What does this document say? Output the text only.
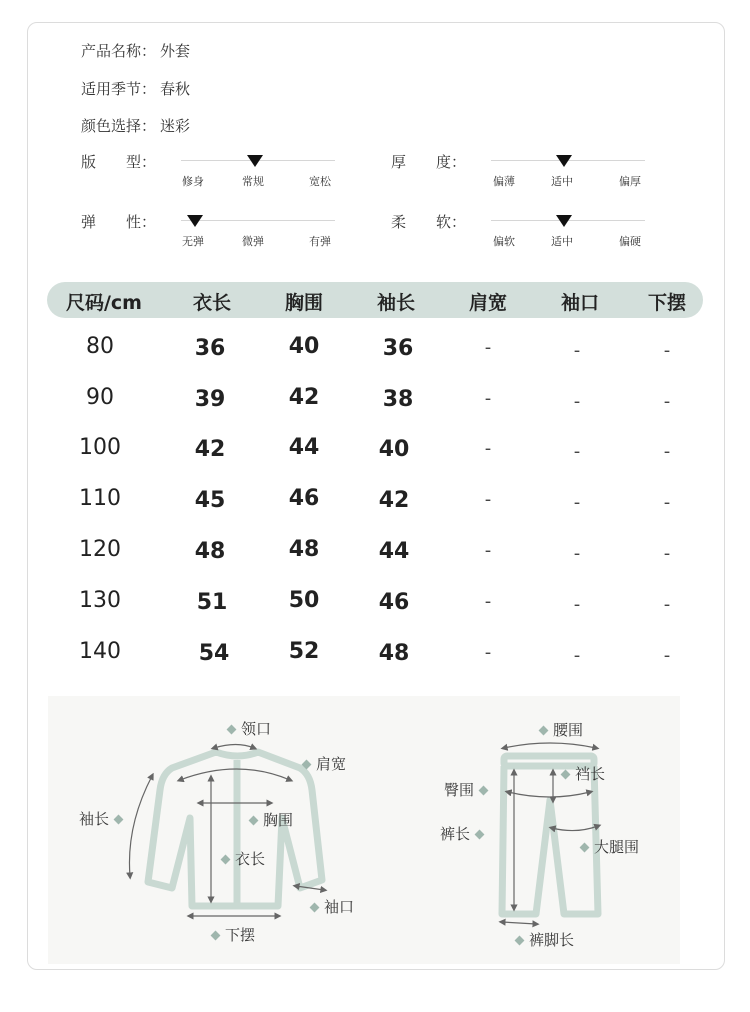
产品名称： 外套
适用季节： 春秋
颜色选择： 迷彩
版　　型：
修身	常规	宽松
厚　　度：
偏薄	适中	偏厚
弹　　性：
无弹	微弹	有弹
柔　　软：
偏软	适中	偏硬
尺码/cm	衣长	胸围	袖长	肩宽	袖口	下摆
80	36	40	36	-	-	-
90	39	42	38	-	-	-
100	42	44	40	-	-	-
110	45	46	42	-	-	-
120	48	48	44	-	-	-
130	51	50	46	-	-	-
140	54	52	48	-	-	-
领口
肩宽
袖长	胸围
衣长
袖口
下摆
腰围
裆长
臀围
裤长
大腿围
裤脚长
